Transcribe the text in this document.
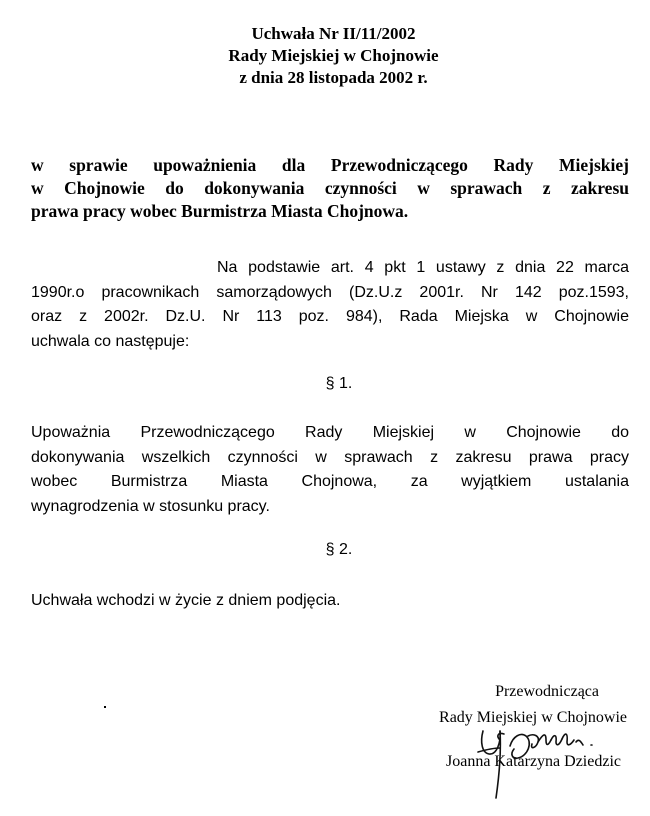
Uchwała Nr II/11/2002
Rady Miejskiej w Chojnowie
z dnia 28 listopada 2002 r.
w sprawie upoważnienia dla Przewodniczącego Rady Miejskiej
w Chojnowie do dokonywania czynności w sprawach z zakresu
prawa pracy wobec Burmistrza Miasta Chojnowa.
Na podstawie art. 4 pkt 1 ustawy z dnia 22 marca
1990r.o pracownikach samorządowych (Dz.U.z 2001r. Nr 142 poz.1593,
oraz z 2002r. Dz.U. Nr 113 poz. 984), Rada Miejska w Chojnowie
uchwala co następuje:
§ 1.
Upoważnia Przewodniczącego Rady Miejskiej w Chojnowie do
dokonywania wszelkich czynności w sprawach z zakresu prawa pracy
wobec Burmistrza Miasta Chojnowa, za wyjątkiem ustalania
wynagrodzenia w stosunku pracy.
§ 2.
Uchwała wchodzi w życie z dniem podjęcia.
Przewodnicząca
Rady Miejskiej w Chojnowie
Joanna Katarzyna Dziedzic
